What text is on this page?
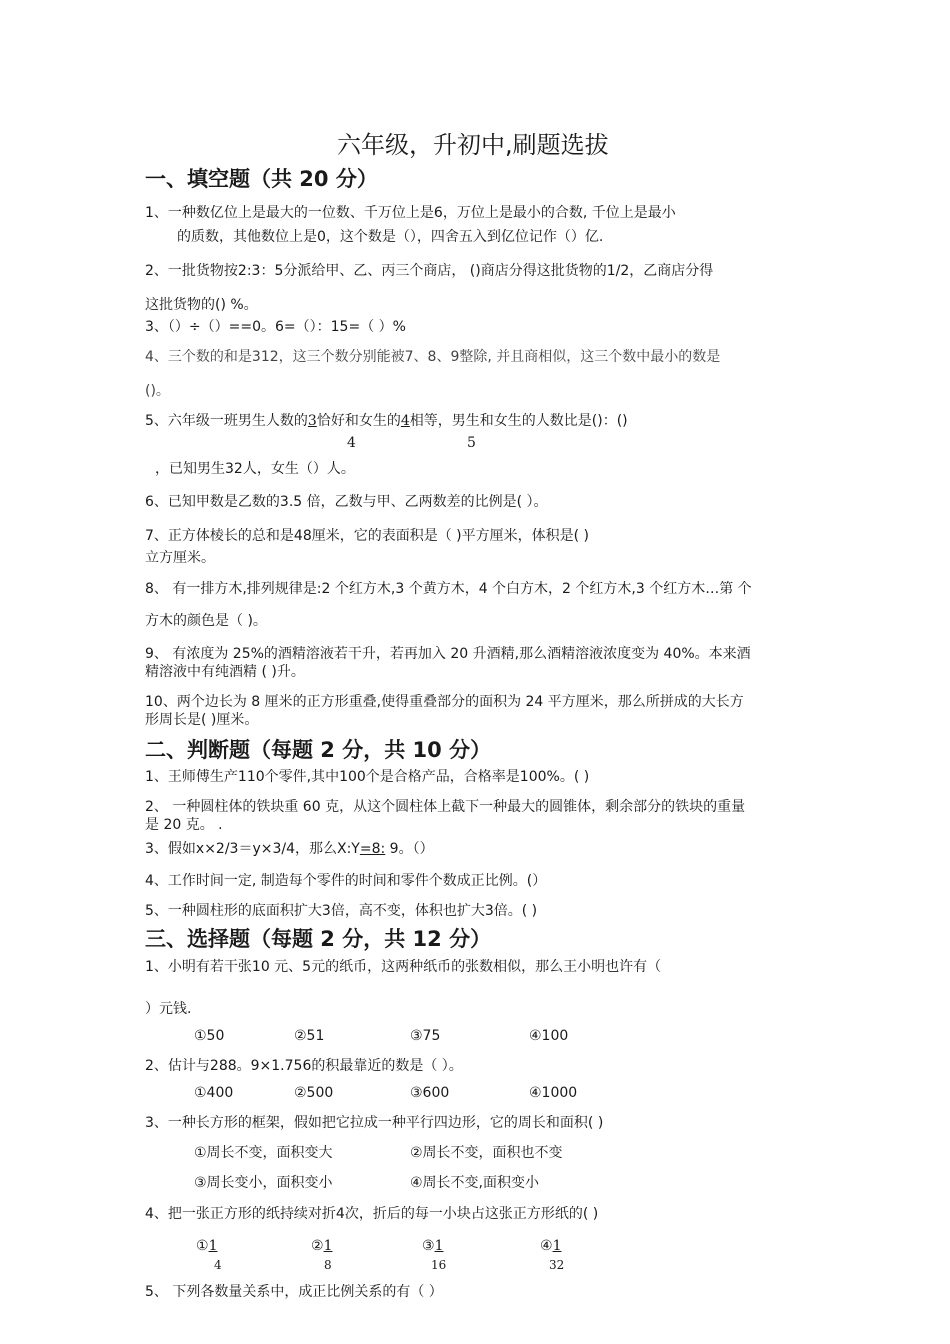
六年级，升初中,刷题选拔
一、填空题（共 20 分）
1、一种数亿位上是最大的一位数、千万位上是6，万位上是最小的合数, 千位上是最小
的质数，其他数位上是0，这个数是（），四舍五入到亿位记作（）亿.
2、一批货物按2:3：5分派给甲、乙、丙三个商店， ()商店分得这批货物的1/2，乙商店分得
这批货物的() %。
3、（）÷（）==0。6=（）：15=（ ）%
4、三个数的和是312，这三个数分别能被7、8、9整除, 并且商相似，这三个数中最小的数是
()。
5、六年级一班男生人数的3恰好和女生的4相等，男生和女生的人数比是()：()
4	5
，已知男生32人，女生（）人。
6、已知甲数是乙数的3.5 倍，乙数与甲、乙两数差的比例是( ）。
7、正方体棱长的总和是48厘米，它的表面积是（ )平方厘米，体积是( )
立方厘米。
8、 有一排方木,排列规律是:2 个红方木,3 个黄方木，4 个白方木，2 个红方木,3 个红方木…第 个
方木的颜色是（ )。
9、 有浓度为 25%的酒精溶液若干升，若再加入 20 升酒精,那么酒精溶液浓度变为 40%。本来酒
精溶液中有纯酒精 ( )升。
10、两个边长为 8 厘米的正方形重叠,使得重叠部分的面积为 24 平方厘米，那么所拼成的大长方
形周长是( )厘米。
二、判断题（每题 2 分，共 10 分）
1、王师傅生产110个零件,其中100个是合格产品，合格率是100%。( )
2、 一种圆柱体的铁块重 60 克，从这个圆柱体上截下一种最大的圆锥体，剩余部分的铁块的重量
是 20 克。 .
3、假如x×2/3＝y×3/4，那么X:Y=8: 9。（）
4、工作时间一定, 制造每个零件的时间和零件个数成正比例。(）
5、一种圆柱形的底面积扩大3倍，高不变，体积也扩大3倍。( )
三、选择题（每题 2 分，共 12 分）
1、小明有若干张10 元、5元的纸币，这两种纸币的张数相似，那么王小明也许有（
）元钱.
①50	②51	③75	④100
2、估计与288。9×1.756的积最靠近的数是（ ）。
①400	②500	③600	④1000
3、一种长方形的框架，假如把它拉成一种平行四边形，它的周长和面积( )
①周长不变，面积变大	②周长不变，面积也不变
③周长变小，面积变小	④周长不变,面积变小
4、把一张正方形的纸持续对折4次，折后的每一小块占这张正方形纸的( )
①1
4
②1
8
③1
16
④1
32
5、 下列各数量关系中，成正比例关系的有（ ）
